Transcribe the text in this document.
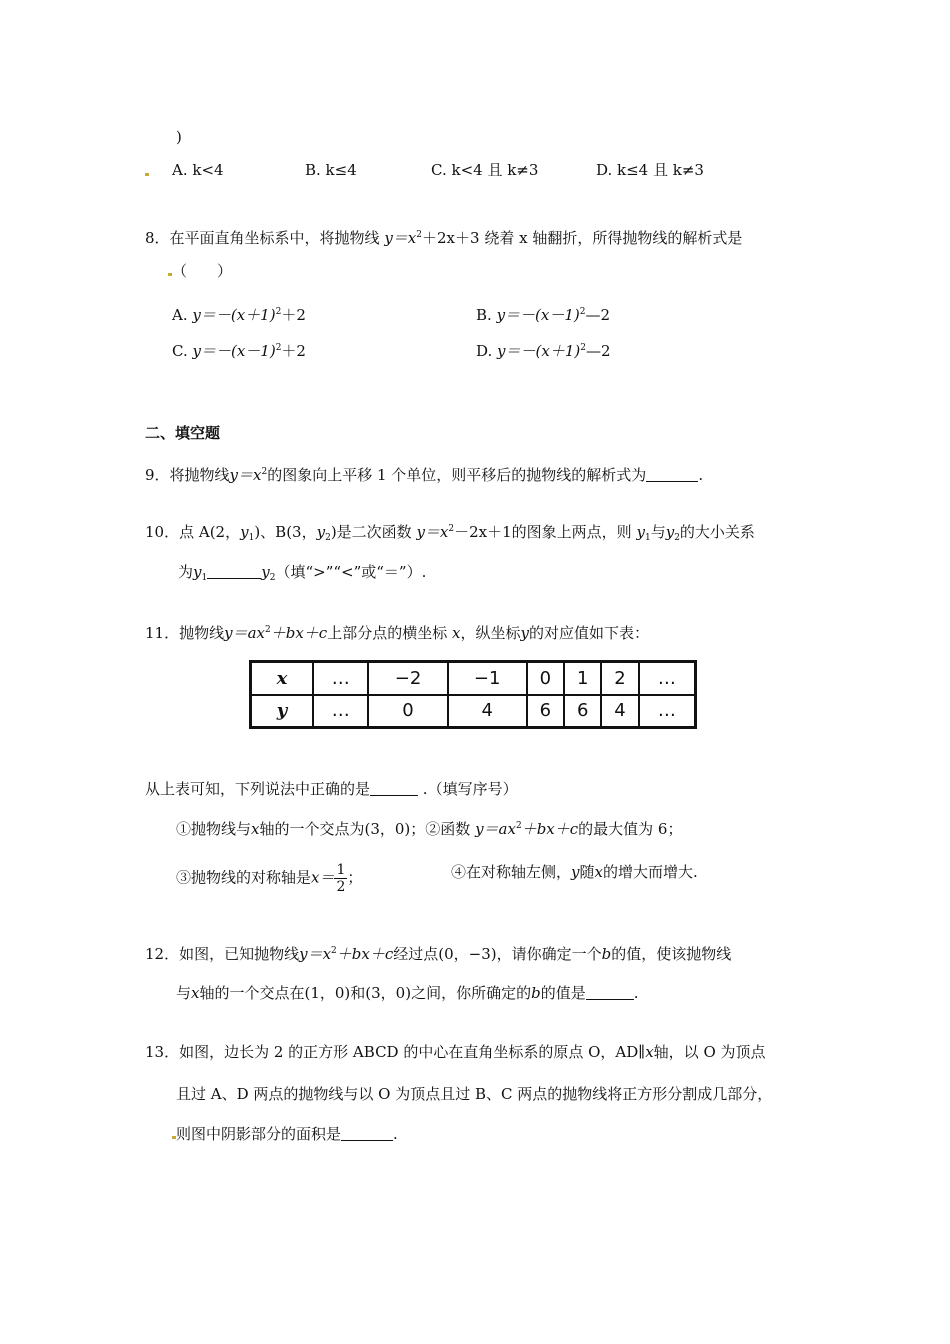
)
A. k<4	B. k≤4	C. k<4 且 k≠3	D. k≤4 且 k≠3
8．在平面直角坐标系中，将抛物线 $y=x^2+2x+3$ 绕着 x 轴翻折，所得抛物线的解析式是
（　　）
A. $y=-(x+1)^2+2$	B. $y=-(x-1)^2—2$
C. $y=-(x-1)^2+2$	D. $y=-(x+1)^2—2$
二、填空题
9．将抛物线$y=x^2$的图象向上平移 1 个单位，则平移后的抛物线的解析式为	.
10．点 A(2，$y_1$)、B(3，$y_2$)是二次函数 $y=x^2-2x+1$的图象上两点，则 $y_1$与$y_2$的大小关系
为$y_1$	$y_2$（填“>”“<”或“＝”）.
11．抛物线$y=ax^2+bx+c$上部分点的横坐标 x，纵坐标y的对应值如下表：
x	…	−2	−1	0	1	2	…
y	…	0	4	6	6	4	…
从上表可知，下列说法中正确的是	.（填写序号）
①抛物线与x轴的一个交点为(3，0)；②函数 $y=ax^2+bx+c$的最大值为 6；
③抛物线的对称轴是$x= \frac{1}{2}$ ；	④在对称轴左侧，y随x的增大而增大.
12．如图，已知抛物线$y=x^2+bx+c$经过点(0，−3)，请你确定一个b的值，使该抛物线
与x轴的一个交点在(1，0)和(3，0)之间，你所确定的b的值是	.
13．如图，边长为 2 的正方形 ABCD 的中心在直角坐标系的原点 O，AD∥x轴，以 O 为顶点
且过 A、D 两点的抛物线与以 O 为顶点且过 B、C 两点的抛物线将正方形分割成几部分，
则图中阴影部分的面积是	.
